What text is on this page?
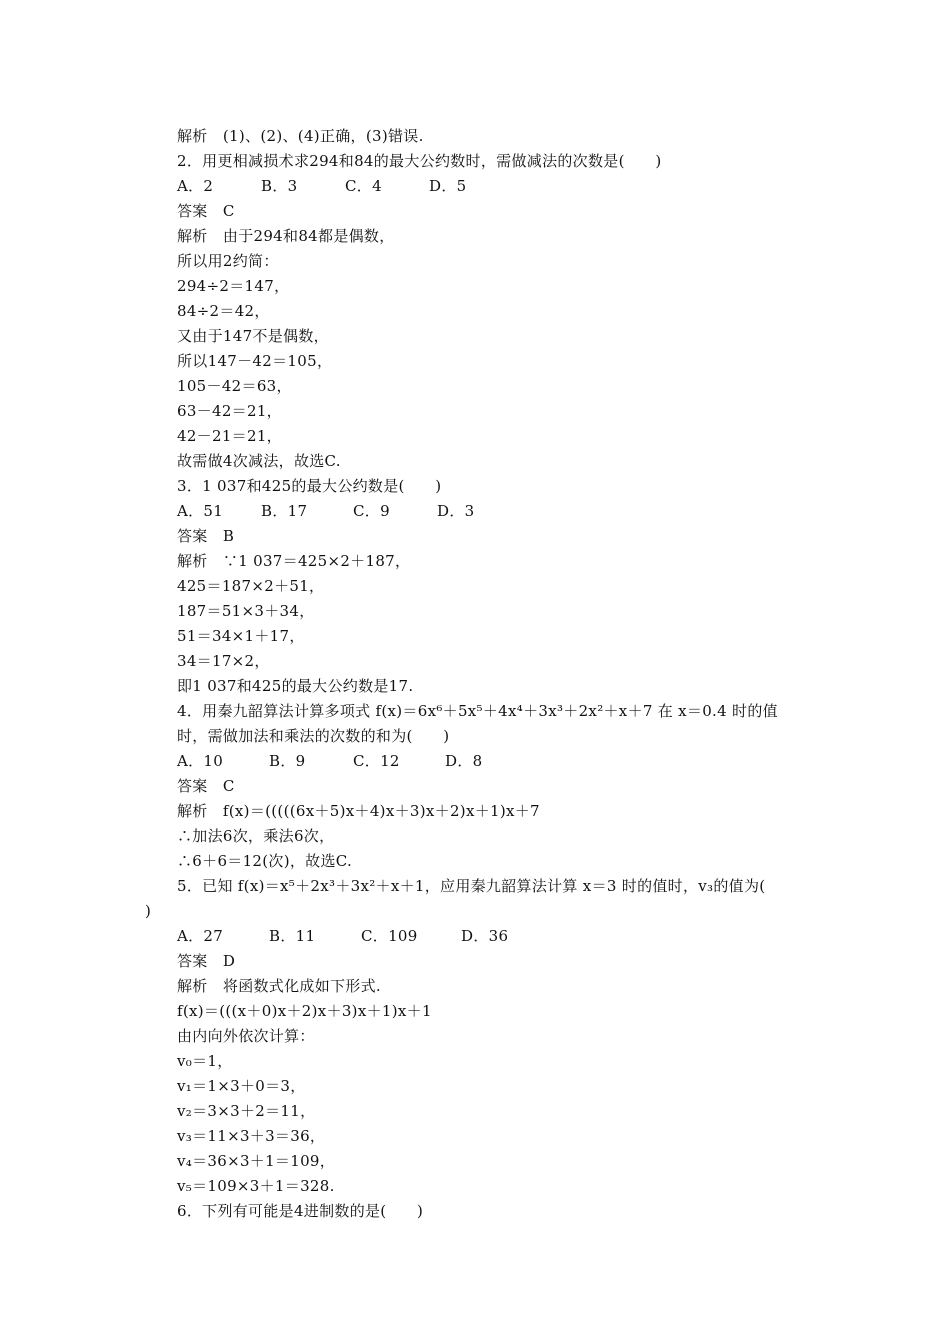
解析　(1)、(2)、(4)正确，(3)错误.
2．用更相减损术求294和84的最大公约数时，需做减法的次数是(　　)
A．2	B．3	C．4	D．5
答案　C
解析　由于294和84都是偶数，
所以用2约简：
294÷2＝147，
84÷2＝42，
又由于147不是偶数，
所以147－42＝105，
105－42＝63，
63－42＝21，
42－21＝21，
故需做4次减法，故选C.
3．1 037和425的最大公约数是(　　)
A．51	B．17	C．9	D．3
答案　B
解析　∵1 037＝425×2＋187，
425＝187×2＋51，
187＝51×3＋34，
51＝34×1＋17，
34＝17×2，
即1 037和425的最大公约数是17.
4．用秦九韶算法计算多项式 f(x)＝6x⁶＋5x⁵＋4x⁴＋3x³＋2x²＋x＋7 在 x＝0.4 时的值
时，需做加法和乘法的次数的和为(　　)
A．10	B．9	C．12	D．8
答案　C
解析　f(x)＝(((((6x＋5)x＋4)x＋3)x＋2)x＋1)x＋7
∴加法6次，乘法6次，
∴6＋6＝12(次)，故选C.
5．已知 f(x)＝x⁵＋2x³＋3x²＋x＋1，应用秦九韶算法计算 x＝3 时的值时，v₃的值为(
)
A．27	B．11	C．109	D．36
答案　D
解析　将函数式化成如下形式.
f(x)＝(((x＋0)x＋2)x＋3)x＋1)x＋1
由内向外依次计算：
v₀＝1，
v₁＝1×3＋0＝3，
v₂＝3×3＋2＝11，
v₃＝11×3＋3＝36，
v₄＝36×3＋1＝109，
v₅＝109×3＋1＝328.
6．下列有可能是4进制数的是(　　)
